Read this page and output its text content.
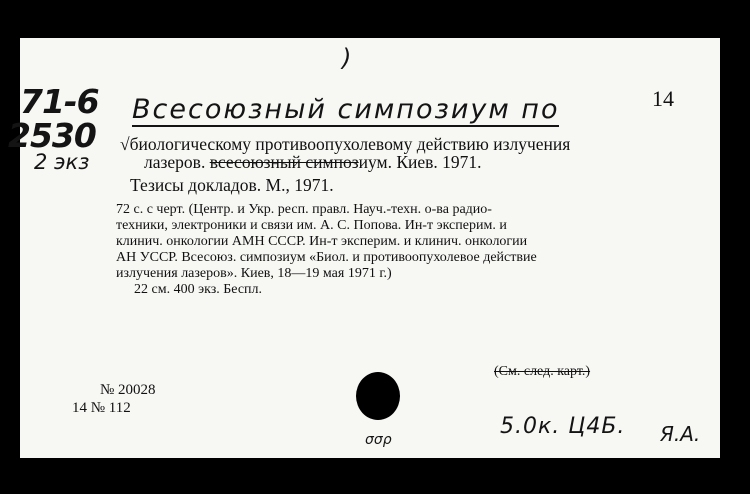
)
14
71-6
2530
2 экз
Всесоюзный симпозиум по
√биологическому противоопухолевому действию излучения
лазеров. всесоюзный симпозиум. Киев. 1971.
Тезисы докладов. М., 1971.
72 с. с черт. (Центр. и Укр. респ. правл. Науч.-техн. о-ва радио-
техники, электроники и связи им. А. С. Попова. Ин-т эксперим. и
клинич. онкологии АМН СССР. Ин-т эксперим. и клинич. онкологии
АН УССР. Всесоюз. симпозиум «Биол. и противоопухолевое действие
излучения лазеров». Киев, 18—19 мая 1971 г.)
22 см. 400 экз. Беспл.
(См. след. карт.)
№ 20028
14 № 112
5.0к. Ц4Б. Я.А.
σσρ
